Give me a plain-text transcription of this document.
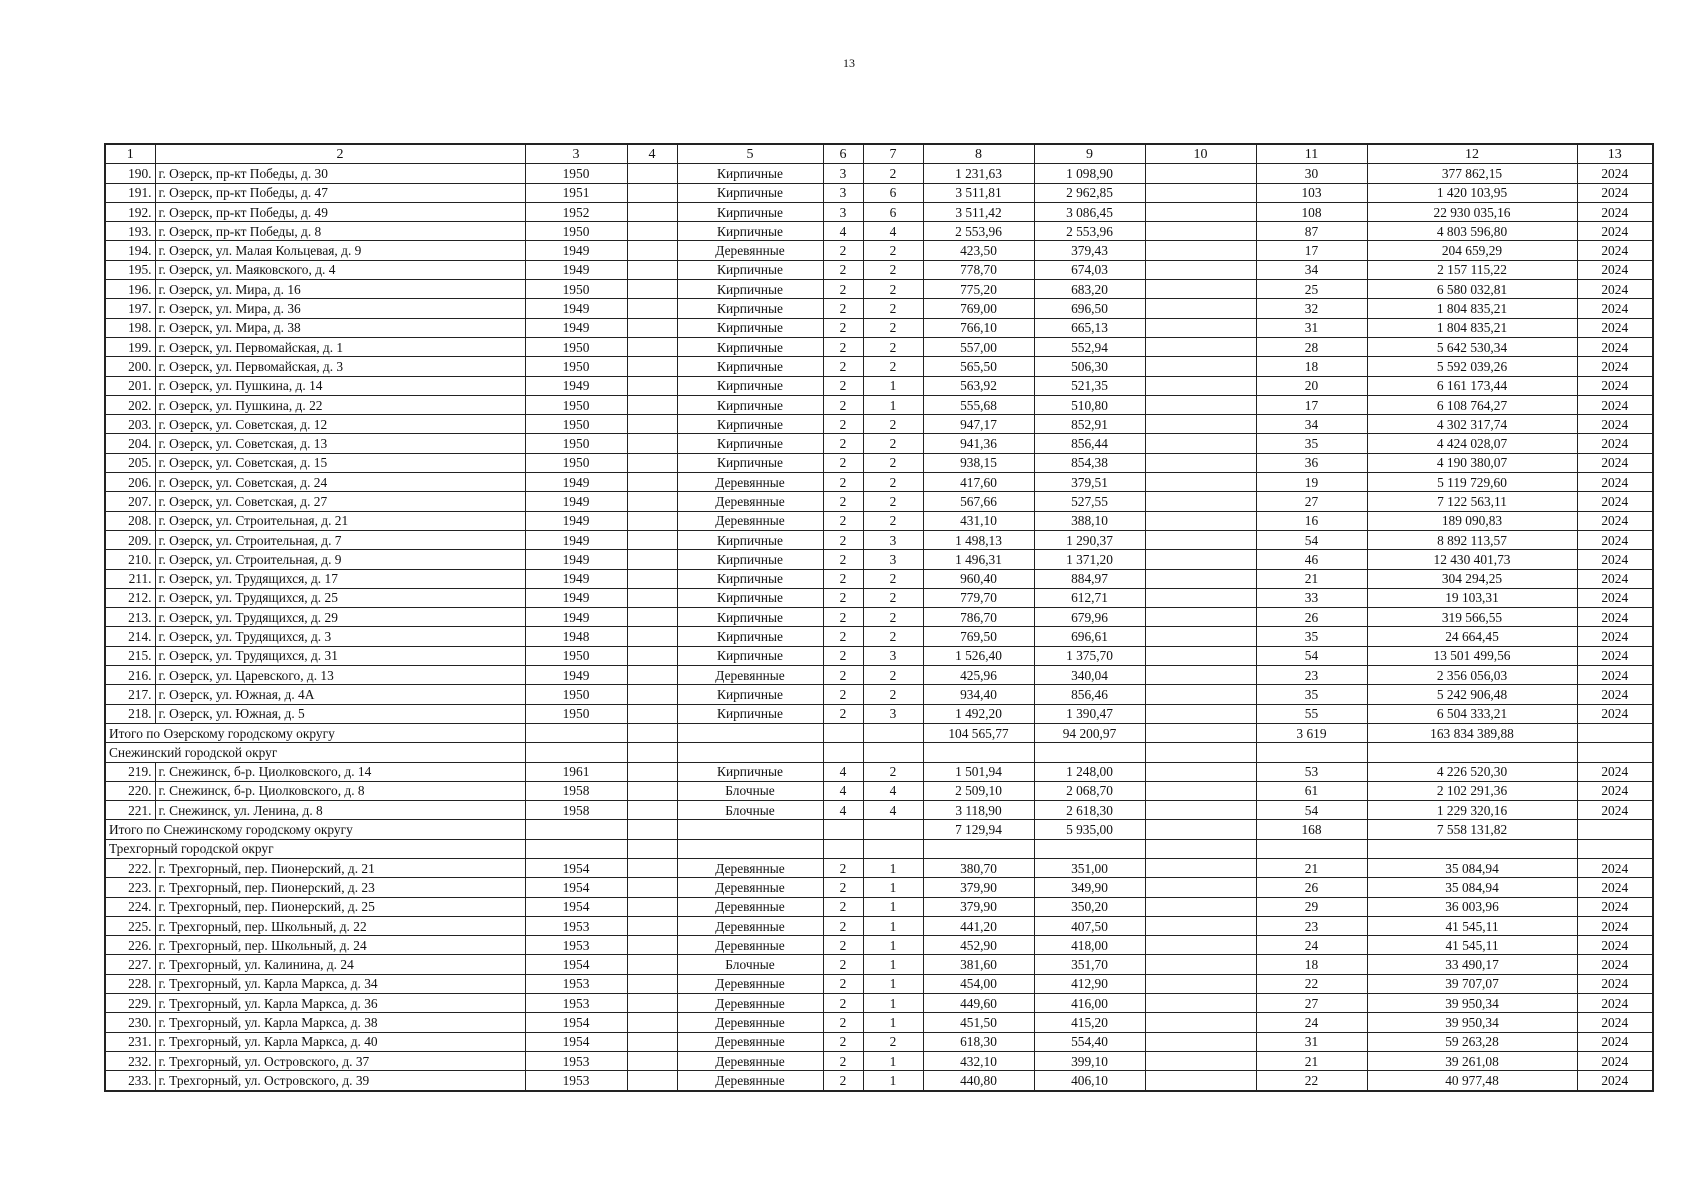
13
1	2	3	4	5	6	7	8	9	10	11	12	13
190.	г. Озерск, пр-кт Победы, д. 30	1950		Кирпичные	3	2	1 231,63	1 098,90		30	377 862,15	2024
191.	г. Озерск, пр-кт Победы, д. 47	1951		Кирпичные	3	6	3 511,81	2 962,85		103	1 420 103,95	2024
192.	г. Озерск, пр-кт Победы, д. 49	1952		Кирпичные	3	6	3 511,42	3 086,45		108	22 930 035,16	2024
193.	г. Озерск, пр-кт Победы, д. 8	1950		Кирпичные	4	4	2 553,96	2 553,96		87	4 803 596,80	2024
194.	г. Озерск, ул. Малая Кольцевая, д. 9	1949		Деревянные	2	2	423,50	379,43		17	204 659,29	2024
195.	г. Озерск, ул. Маяковского, д. 4	1949		Кирпичные	2	2	778,70	674,03		34	2 157 115,22	2024
196.	г. Озерск, ул. Мира, д. 16	1950		Кирпичные	2	2	775,20	683,20		25	6 580 032,81	2024
197.	г. Озерск, ул. Мира, д. 36	1949		Кирпичные	2	2	769,00	696,50		32	1 804 835,21	2024
198.	г. Озерск, ул. Мира, д. 38	1949		Кирпичные	2	2	766,10	665,13		31	1 804 835,21	2024
199.	г. Озерск, ул. Первомайская, д. 1	1950		Кирпичные	2	2	557,00	552,94		28	5 642 530,34	2024
200.	г. Озерск, ул. Первомайская, д. 3	1950		Кирпичные	2	2	565,50	506,30		18	5 592 039,26	2024
201.	г. Озерск, ул. Пушкина, д. 14	1949		Кирпичные	2	1	563,92	521,35		20	6 161 173,44	2024
202.	г. Озерск, ул. Пушкина, д. 22	1950		Кирпичные	2	1	555,68	510,80		17	6 108 764,27	2024
203.	г. Озерск, ул. Советская, д. 12	1950		Кирпичные	2	2	947,17	852,91		34	4 302 317,74	2024
204.	г. Озерск, ул. Советская, д. 13	1950		Кирпичные	2	2	941,36	856,44		35	4 424 028,07	2024
205.	г. Озерск, ул. Советская, д. 15	1950		Кирпичные	2	2	938,15	854,38		36	4 190 380,07	2024
206.	г. Озерск, ул. Советская, д. 24	1949		Деревянные	2	2	417,60	379,51		19	5 119 729,60	2024
207.	г. Озерск, ул. Советская, д. 27	1949		Деревянные	2	2	567,66	527,55		27	7 122 563,11	2024
208.	г. Озерск, ул. Строительная, д. 21	1949		Деревянные	2	2	431,10	388,10		16	189 090,83	2024
209.	г. Озерск, ул. Строительная, д. 7	1949		Кирпичные	2	3	1 498,13	1 290,37		54	8 892 113,57	2024
210.	г. Озерск, ул. Строительная, д. 9	1949		Кирпичные	2	3	1 496,31	1 371,20		46	12 430 401,73	2024
211.	г. Озерск, ул. Трудящихся, д. 17	1949		Кирпичные	2	2	960,40	884,97		21	304 294,25	2024
212.	г. Озерск, ул. Трудящихся, д. 25	1949		Кирпичные	2	2	779,70	612,71		33	19 103,31	2024
213.	г. Озерск, ул. Трудящихся, д. 29	1949		Кирпичные	2	2	786,70	679,96		26	319 566,55	2024
214.	г. Озерск, ул. Трудящихся, д. 3	1948		Кирпичные	2	2	769,50	696,61		35	24 664,45	2024
215.	г. Озерск, ул. Трудящихся, д. 31	1950		Кирпичные	2	3	1 526,40	1 375,70		54	13 501 499,56	2024
216.	г. Озерск, ул. Царевского, д. 13	1949		Деревянные	2	2	425,96	340,04		23	2 356 056,03	2024
217.	г. Озерск, ул. Южная, д. 4А	1950		Кирпичные	2	2	934,40	856,46		35	5 242 906,48	2024
218.	г. Озерск, ул. Южная, д. 5	1950		Кирпичные	2	3	1 492,20	1 390,47		55	6 504 333,21	2024
Итого по Озерскому городскому округу							104 565,77	94 200,97		3 619	163 834 389,88	
Снежинский городской округ												
219.	г. Снежинск, б-р. Циолковского, д. 14	1961		Кирпичные	4	2	1 501,94	1 248,00		53	4 226 520,30	2024
220.	г. Снежинск, б-р. Циолковского, д. 8	1958		Блочные	4	4	2 509,10	2 068,70		61	2 102 291,36	2024
221.	г. Снежинск, ул. Ленина, д. 8	1958		Блочные	4	4	3 118,90	2 618,30		54	1 229 320,16	2024
Итого по Снежинскому городскому округу							7 129,94	5 935,00		168	7 558 131,82	
Трехгорный городской округ												
222.	г. Трехгорный, пер. Пионерский, д. 21	1954		Деревянные	2	1	380,70	351,00		21	35 084,94	2024
223.	г. Трехгорный, пер. Пионерский, д. 23	1954		Деревянные	2	1	379,90	349,90		26	35 084,94	2024
224.	г. Трехгорный, пер. Пионерский, д. 25	1954		Деревянные	2	1	379,90	350,20		29	36 003,96	2024
225.	г. Трехгорный, пер. Школьный, д. 22	1953		Деревянные	2	1	441,20	407,50		23	41 545,11	2024
226.	г. Трехгорный, пер. Школьный, д. 24	1953		Деревянные	2	1	452,90	418,00		24	41 545,11	2024
227.	г. Трехгорный, ул. Калинина, д. 24	1954		Блочные	2	1	381,60	351,70		18	33 490,17	2024
228.	г. Трехгорный, ул. Карла Маркса, д. 34	1953		Деревянные	2	1	454,00	412,90		22	39 707,07	2024
229.	г. Трехгорный, ул. Карла Маркса, д. 36	1953		Деревянные	2	1	449,60	416,00		27	39 950,34	2024
230.	г. Трехгорный, ул. Карла Маркса, д. 38	1954		Деревянные	2	1	451,50	415,20		24	39 950,34	2024
231.	г. Трехгорный, ул. Карла Маркса, д. 40	1954		Деревянные	2	2	618,30	554,40		31	59 263,28	2024
232.	г. Трехгорный, ул. Островского, д. 37	1953		Деревянные	2	1	432,10	399,10		21	39 261,08	2024
233.	г. Трехгорный, ул. Островского, д. 39	1953		Деревянные	2	1	440,80	406,10		22	40 977,48	2024
